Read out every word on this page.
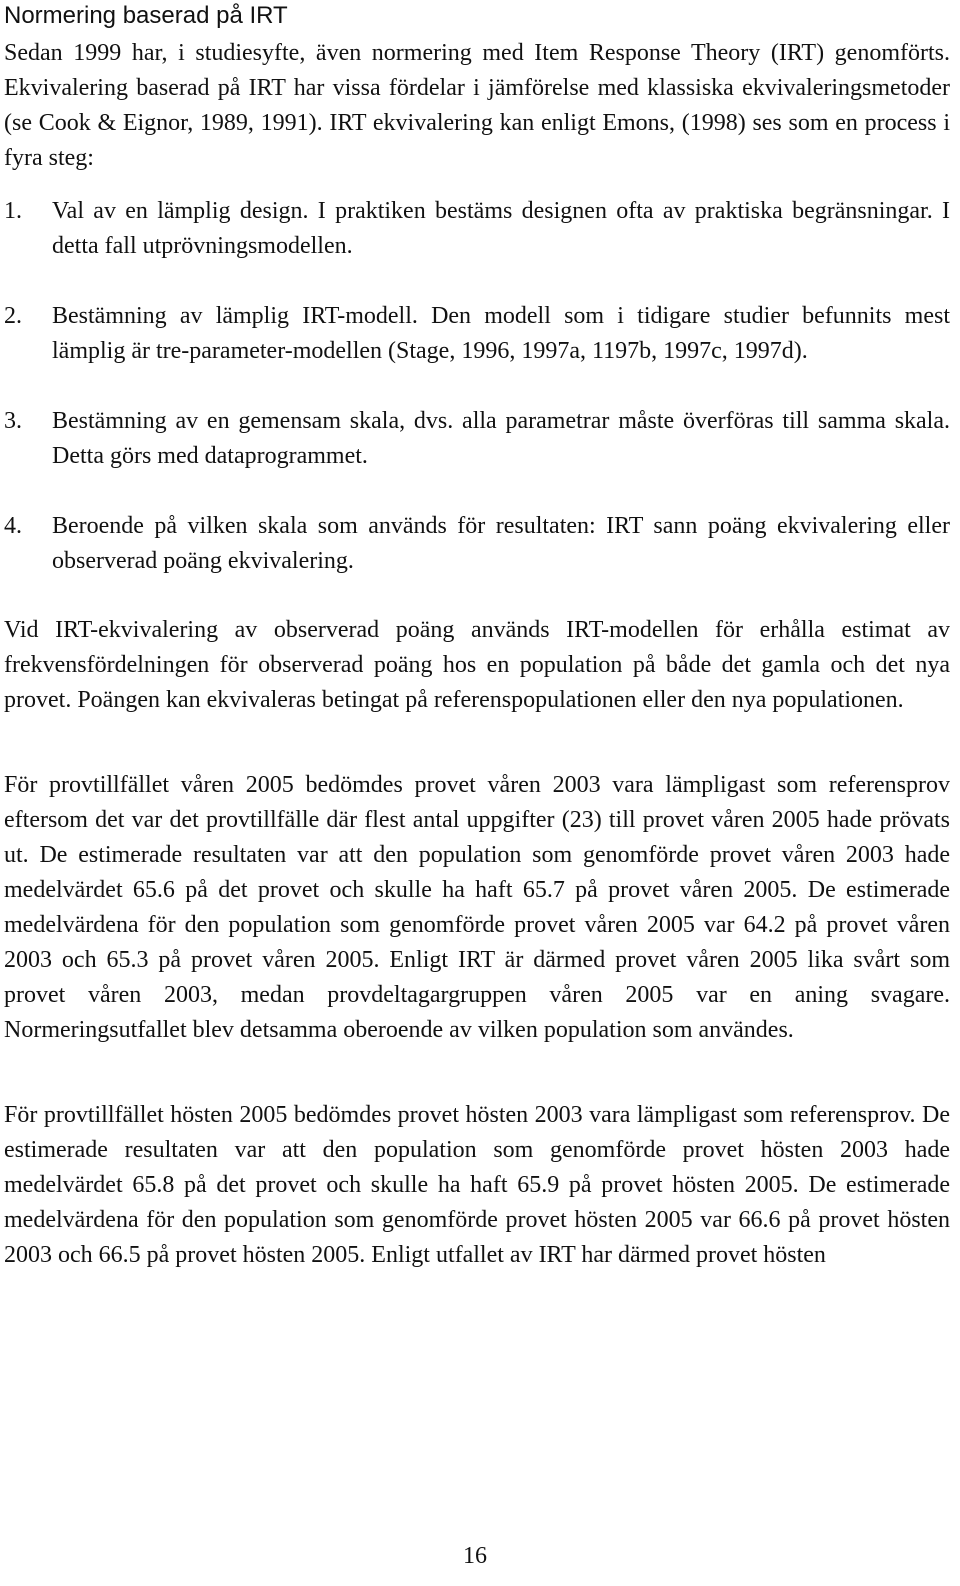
Normering baserad på IRT

Sedan 1999 har, i studiesyfte, även normering med Item Response Theory (IRT) genomförts. Ekvivalering baserad på IRT har vissa fördelar i jämförelse med klassiska ekvivaleringsmetoder (se Cook & Eignor, 1989, 1991). IRT ekvivalering kan enligt Emons, (1998) ses som en process i fyra steg:

1. Val av en lämplig design. I praktiken bestäms designen ofta av praktiska begränsningar. I detta fall utprövningsmodellen.
2. Bestämning av lämplig IRT-modell. Den modell som i tidigare studier befunnits mest lämplig är tre-parameter-modellen (Stage, 1996, 1997a, 1197b, 1997c, 1997d).
3. Bestämning av en gemensam skala, dvs. alla parametrar måste överföras till samma skala. Detta görs med dataprogrammet.
4. Beroende på vilken skala som används för resultaten: IRT sann poäng ekvivalering eller observerad poäng ekvivalering.

Vid IRT-ekvivalering av observerad poäng används IRT-modellen för erhålla estimat av frekvensfördelningen för observerad poäng hos en population på både det gamla och det nya provet. Poängen kan ekvivaleras betingat på referenspopulationen eller den nya populationen.

För provtillfället våren 2005 bedömdes provet våren 2003 vara lämpligast som referensprov eftersom det var det provtillfälle där flest antal uppgifter (23) till provet våren 2005 hade prövats ut. De estimerade resultaten var att den population som genomförde provet våren 2003 hade medelvärdet 65.6 på det provet och skulle ha haft 65.7 på provet våren 2005. De estimerade medelvärdena för den population som genomförde provet våren 2005 var 64.2 på provet våren 2003 och 65.3 på provet våren 2005. Enligt IRT är därmed provet våren 2005 lika svårt som provet våren 2003, medan provdeltagargruppen våren 2005 var en aning svagare. Normeringsutfallet blev detsamma oberoende av vilken population som användes.

För provtillfället hösten 2005 bedömdes provet hösten 2003 vara lämpligast som referensprov. De estimerade resultaten var att den population som genomförde provet hösten 2003 hade medelvärdet 65.8 på det provet och skulle ha haft 65.9 på provet hösten 2005. De estimerade medelvärdena för den population som genomförde provet hösten 2005 var 66.6 på provet hösten 2003 och 66.5 på provet hösten 2005. Enligt utfallet av IRT har därmed provet hösten

16
